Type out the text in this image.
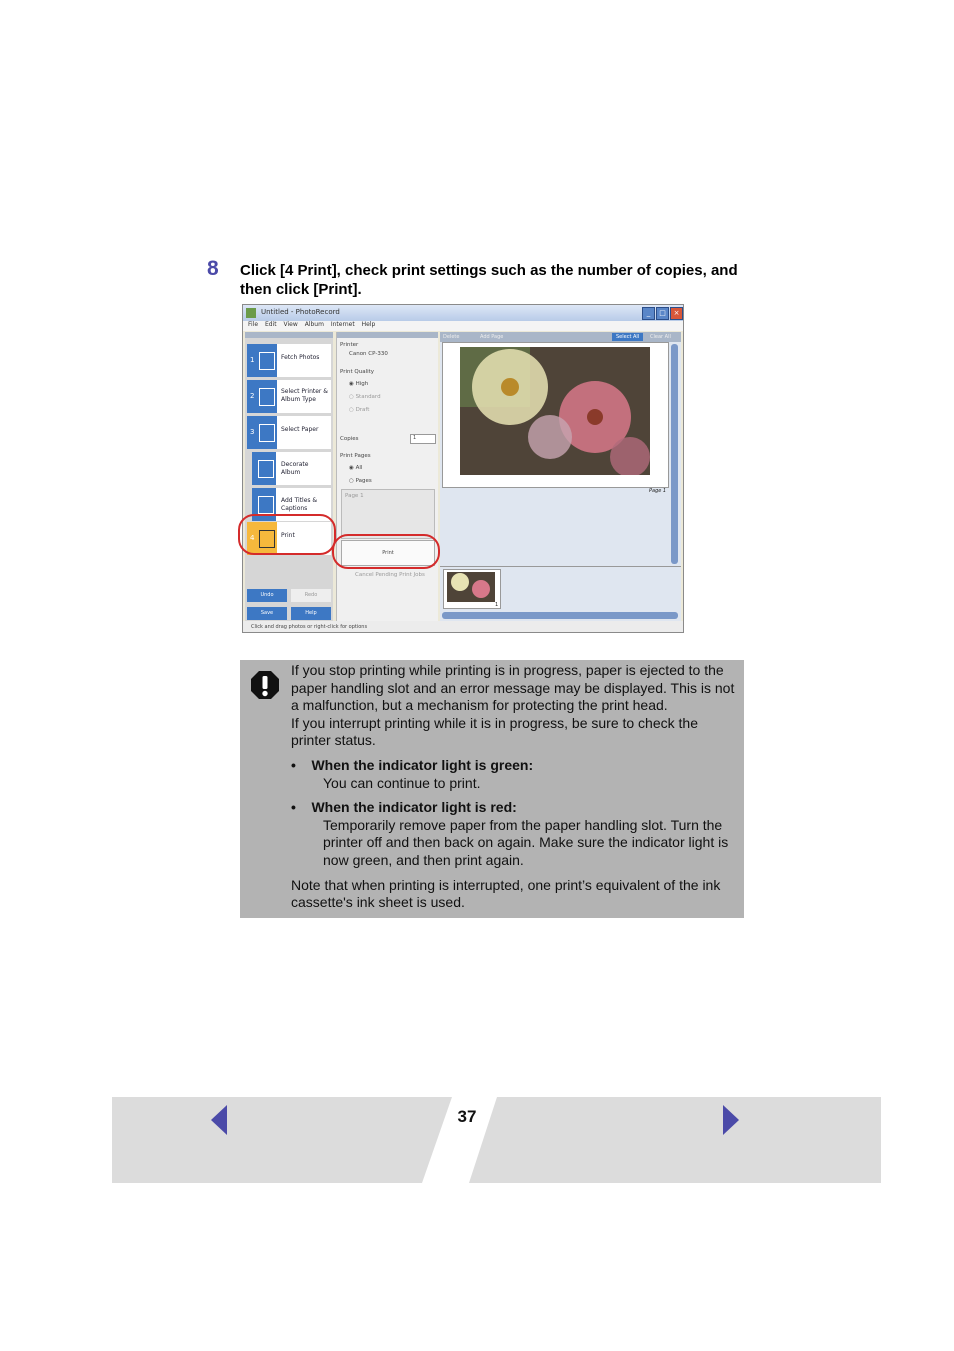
8 Click [4 Print], check print settings such as the number of copies, and then click [Print].
Untitled - PhotoRecord	_	□	×
File Edit View Album Internet Help
1	Fetch Photos
2
Select Printer & Album Type
3	Select Paper
Decorate Album
Add Titles & Captions
4	Print
Undo	Redo
Save	Help
Printer
Canon CP-330
Print Quality
◉ High
○ Standard
○ Draft
Copies	1
Print Pages
◉ All
○ Pages
Page 1
Print
Cancel Pending Print Jobs
Delete	Add Page	Select All	Clear All
Page 1
1
Click and drag photos or right-click for options

If you stop printing while printing is in progress, paper is ejected to the paper handling slot and an error message may be displayed. This is not a malfunction, but a mechanism for protecting the print head.

If you interrupt printing while it is in progress, be sure to check the printer status.

•    When the indicator light is green:
You can continue to print.

•    When the indicator light is red:
Temporarily remove paper from the paper handling slot. Turn the printer off and then back on again. Make sure the indicator light is now green, and then print again.

Note that when printing is interrupted, one print’s equivalent of the ink cassette's ink sheet is used.

37
